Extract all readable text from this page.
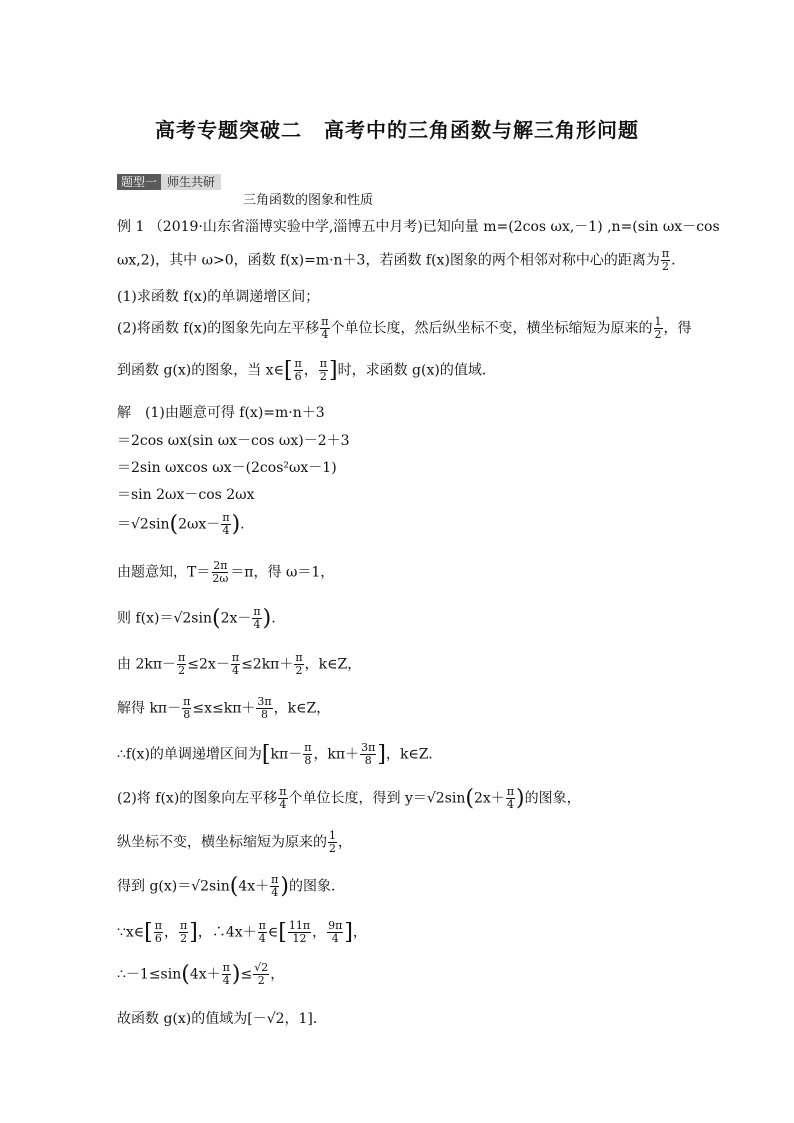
高考专题突破二 高考中的三角函数与解三角形问题
题型一 师生共研
三角函数的图象和性质
例 1 （2019·山东省淄博实验中学,淄博五中月考)已知向量 m=(2cos ωx,－1) ,n=(sin ωx－cos
ωx,2)，其中 ω>0，函数 f(x)=m·n＋3，若函数 f(x)图象的两个相邻对称中心的距离为 $\frac{\pi}{2}$ .
(1)求函数 f(x)的单调递增区间；
(2)将函数 f(x)的图象先向左平移 $\frac{\pi}{4}$ 个单位长度，然后纵坐标不变，横坐标缩短为原来的 $\frac{1}{2}$ ，得
到函数 g(x)的图象，当 x∈[ $\frac{\pi}{6}$ ， $\frac{\pi}{2}$ ]时，求函数 g(x)的值域．
解　(1)由题意可得 f(x)=m·n＋3
＝2cos ωx(sin ωx－cos ωx)－2＋3
＝2sin ωxcos ωx－(2cos²ωx－1)
＝sin 2ωx－cos 2ωx
$=√2\sin(2\omega x- \frac{\pi}{4}$ ).
由题意知，$T= \frac{2\pi}{2\omega} =\pi$，得 ω＝1，
则 $f(x)=√2\sin(2x- \frac{\pi}{4}$ ).
由 $2k\pi- \frac{\pi}{2} \le 2x- \frac{\pi}{4} \le 2k\pi+ \frac{\pi}{2}$ ，k∈Z，
解得 $k\pi- \frac{\pi}{8} \le x\le k\pi+ \frac{3\pi}{8}$ ，k∈Z，
∴f(x)的单调递增区间为[$k\pi- \frac{\pi}{8}$ ，$k\pi+ \frac{3\pi}{8}$ ]，k∈Z.
(2)将 f(x)的图象向左平移 $\frac{\pi}{4}$ 个单位长度，得到 $y=√2\sin(2x+ \frac{\pi}{4}$ )的图象，
纵坐标不变，横坐标缩短为原来的 $\frac{1}{2}$ ，
得到 $g(x)=√2\sin(4x+ \frac{\pi}{4}$ )的图象．
∵x∈[ $\frac{\pi}{6}$ ， $\frac{\pi}{2}$ ]，∴4x＋ $\frac{\pi}{4}$ ∈[ $\frac{11\pi}{12}$ ， $\frac{9\pi}{4}$ ]，
∴－1≤sin(4x＋ $\frac{\pi}{4}$ )≤ $\frac{√2}{2}$ ，
故函数 g(x)的值域为[－√2，1]．
